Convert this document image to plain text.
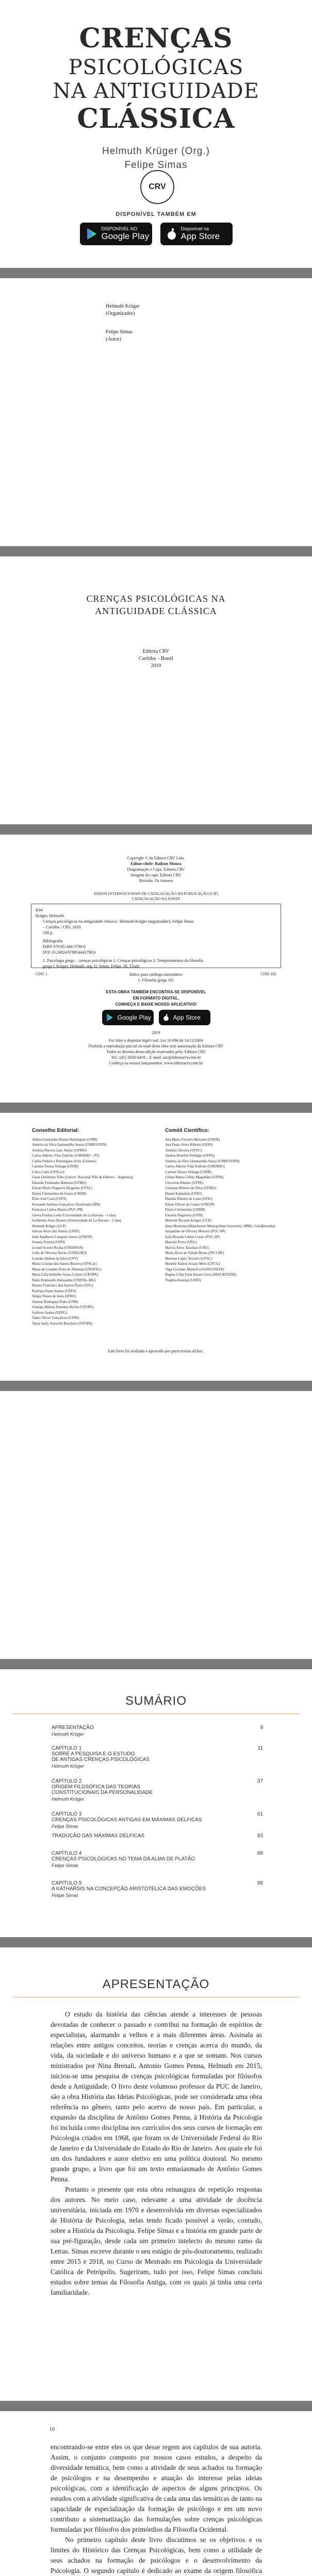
CRENÇAS
PSICOLÓGICAS
NA ANTIGUIDADE
CLÁSSICA
Helmuth Krüger (Org.)
Felipe Simas
CRV
DISPONÍVEL TAMBÉM EM
DISPONÍVEL NO
Google Play
Disponível na
App Store
Helmuth Krüger
(Organizador)
Felipe Simas
(Autor)
CRENÇAS PSICOLÓGICAS NA
ANTIGUIDADE CLÁSSICA
Editora CRV
Curitiba – Brasil
2019
Copyright © da Editora CRV Ltda.
Editor-chefe: Railson Moura
Diagramação e Capa: Editora CRV
Imagem da capa: Editora CRV
Revisão: Os Autores
DADOS INTERNACIONAIS DE CATALOGAÇÃO NA PUBLICAÇÃO (CIP)
CATALOGAÇÃO NA FONTE
K94
Krüger, Helmuth.
Crenças psicológicas na antiguidade clássica / Helmuth Krüger (organizador), Felipe Simas
– Curitiba : CRV, 2019.
108 p.
Bibliografia
ISBN 978-85-444-3798-6
DOI 10.24824/978854443798.6
1. Psicologia grega – crenças psicológicas 2. Crenças psicológicas 3. Temperamentos da filosofia
grega I. Krüger, Helmuth, org. II. Simas, Felipe. III. Título
CDU 1	CDD 181
Índice para catálogo sistemático
1. Filosofia grega 181
ESTA OBRA TAMBÉM ENCONTRA-SE DISPONÍVEL
EM FORMATO DIGITAL.
CONHEÇA E BAIXE NOSSO APLICATIVO!
Google Play	App Store
2019
Foi feito o depósito legal conf. Lei 10.994 de 14/12/2004
Proibida a reprodução parcial ou total desta obra sem autorização da Editora CRV
Todos os direitos desta edição reservados pela: Editora CRV
Tel.: (41) 3039-6418 – E-mail: sac@editoracrv.com.br
Conheça os nossos lançamentos: www.editoracrv.com.br
Conselho Editorial:
Aldira Guimarães Duarte Domínguez (UNB)
Andréia da Silva Quintanilha Sousa (UNIR/UFRN)
Antônio Pereira Gaio Júnior (UFRRJ)
Carlos Alberto Vilar Estêvão (UMINHO – PT)
Carlos Federico Dominguez Avila (Unieuro)
Carmen Tereza Velanga (UNIR)
Celso Conti (UFSCar)
Cesar Gerónimo Tello (Univer. Nacional Três de Febrero – Argentina)
Eduardo Fernandes Barbosa (UFMG)
Elione Maria Nogueira Diogenes (UFAL)
Elizeu Clementino de Souza (UNEB)
Élsio José Corá (UFFS)
Fernando Antônio Gonçalves Alcoforado (IPB)
Francisco Carlos Duarte (PUC-PR)
Gloria Fariñas León (Universidade de La Havana – Cuba)
Guillermo Arias Beatón (Universidade de La Havana – Cuba)
Helmuth Krüger (UCP)
Jailson Alves dos Santos (UFRJ)
João Adalberto Campato Junior (UNESP)
Josania Portela (UFPI)
Leonel Severo Rocha (UNISINOS)
Lídia de Oliveira Xavier (UNIEURO)
Lourdes Helena da Silva (UFV)
Maria Cristina dos Santos Bezerra (UFSCar)
Maria de Lourdes Pinto de Almeida (UNOESC)
Maria Lília Imbiriba Sousa Colares (UFOPA)
Paulo Romualdo Hernandes (UNIFAL-MG)
Renato Francisco dos Santos Paula (UFG)
Rodrigo Pratte-Santos (UFES)
Sérgio Nunes de Jesus (IFRO)
Simone Rodrigues Pinto (UNB)
Solange Helena Ximenes-Rocha (UFOPA)
Sydione Santos (UEPG)
Tadeu Oliver Gonçalves (UFPA)
Tania Suely Azevedo Brasileiro (UFOPA)
Comitê Científico:
Ana Maria Ferreira Menezes (UNEB)
Ana Paula Alves Ribeiro (UERJ)
Antônia Oliveira (UFSC)
Andrea Bomfim Perdigão (UFPA)
Andreia da Silva Quintanilha Sousa (UNIR/UFRN)
Carlos Alberto Vilar Estêvão (UMINHO)
Carmen Tereza Velanga (UNIR)
Celina Maria Colino Magalhães (UFPA)
Cleverton Ribeiro (UFPA)
Cristiane Ribeiro da Silva (UFMA)
Daniel Espíndola (UFRJ)
Daniela Ribeiro de Lima (UFRJ)
Edson Olivari de Castro (UNESP)
Elizeu Clementino (UNEB)
Fauston Negreiros (UFPI)
Helmuth Ricardo Krüger (UCP)
Ilana Mountian (Manchester Metropolitan University, MMU, Grã-Bretanha)
Jacqueline de Oliveira Moreira (PUC-SP)
João Ricardo Lebert Cozac (PUC-SP)
Marcelo Porto (UEG)
Marcia Alves Tassinari (USU)
Maria Alves de Toledo Bruns (FFCLRP)
Mariana Lopez Teixeira (UFSC)
Monilly Ramos Araujo Melo (UFCG)
Olga Ceciliato Mattioli (ASSIS/UNESP)
Regina Célia Faria Amaro Giora (MACKENZIE)
Virgínia Kastrup (UFRJ)
Este livro foi avaliado e aprovado por pareceristas ad hoc.
SUMÁRIO
APRESENTAÇÃO	9
Helmuth Krüger
CAPÍTULO 1
SOBRE A PESQUISA E O ESTUDO
DE ANTIGAS CRENÇAS PSICOLÓGICAS
11
Helmuth Krüger
CAPÍTULO 2
ORIGEM FILOSÓFICA DAS TEORIAS
CONSTITUCIONAIS DA PERSONALIDADE
37
Helmuth Krüger
CAPÍTULO 3
CRENÇAS PSICOLÓGICAS ANTIGAS EM MÁXIMAS DÉLFICAS
61
Felipe Simas
TRADUÇÃO DAS MÁXIMAS DÉLFICAS	83
CAPÍTULO 4
CRENÇAS PSICOLÓGICAS NO TEMA DA ALMA DE PLATÃO
89
Felipe Simas
CAPÍTULO 5
A KATHARSIS NA CONCEPÇÃO ARISTOTÉLICA DAS EMOÇÕES
99
Felipe Simas
APRESENTAÇÃO

O estudo da história das ciências atende a interesses de pessoas devotadas de conhecer o passado e contribui na formação de espíritos de especialistas, alarmando a velhos e a mais diferentes áreas. Assinala as relações entre antigos conceitos, teorias e crenças acerca do mundo, da vida, da sociedade e do universo humano e a que se somam. Nos cursos ministrados por Nina Brenali, Antonio Gomes Penna, Helmuth em 2015, iniciou-se uma pesquisa de crenças psicológicas formuladas por filósofos desde a Antiguidade. O livro deste volumoso professor da PUC de Janeiro, são a obra História das Ideias Psicológicas, pode ser considerada uma obra referência no gênero, tanto pelo acervo de nosso país. Em particular, a expansão da disciplina de Antônio Gomes Penna, à História da Psicologia foi incluída como disciplina nos currículos dos seus cursos de formação em Psicologia criados em 1968, que foram os de Universidade Federal do Rio de Janeiro e da Universidade do Estado do Rio de Janeiro. Aos quais ele foi um dos fundadores e autor eletivo em uma política doutoral. No mesmo grande grupo, a livro que foi um texto entusiasmado de Antônio Gomes Penna.

Portanto o presente que esta obra reinaugura de repetição respostas dos autores. No meio caso, relevante a uma atividade de docência universitária, iniciada em 1970 e desenvolvida em diversas especializados de História de Psicologia, nelas tendo ficado possível a verão, contudo, sobre a História da Psicologia. Felipe Simas e a história em grande parte de sua pré-figuração, desde cada um primeiro intelecto do mesmo ramo da Letras. Simas escreve durante o seu estágio de pós-doutoramento, realizado entre 2015 e 2018, no Curso de Mestrado em Psicologia da Universidade Católica de Petrópolis. Sugeriram, tudo por isso, Felipe Simas concluiu estudos sobre temas da Filosofia Antiga, com os quais já tinha uma certa familiaridade.

10

encontrando-se entre eles os que desse regem aos capítulos de sua autoria. Assim, o conjunto composto por nossos casos estudos, a despeito da diversidade temática, bem como a atividade de seus achados na formação de psicólogos e na desempenho e atuação do interesse pelas ideias psicológicas, com a identificação de aspectos de alguns principios. Os estudos com a atividade significativa de cada uma das temáticas de tanto na capacidade de especialização da formação de psicólogo e em um novo contributo a sistematização das formulações sobre crenças psicológicas formuladas por filósofos dos primórdios da Filosofia Ocidental.

No primeiro capítulo deste livro discutimos se os objetivos e os limites do Histórico das Crenças Psicológicas, bem como a utilidade de seus achados na formação de psicólogos e o desenvolvimento da Psicologia. O segundo capítulo é dedicado ao exame da origem filosófica
